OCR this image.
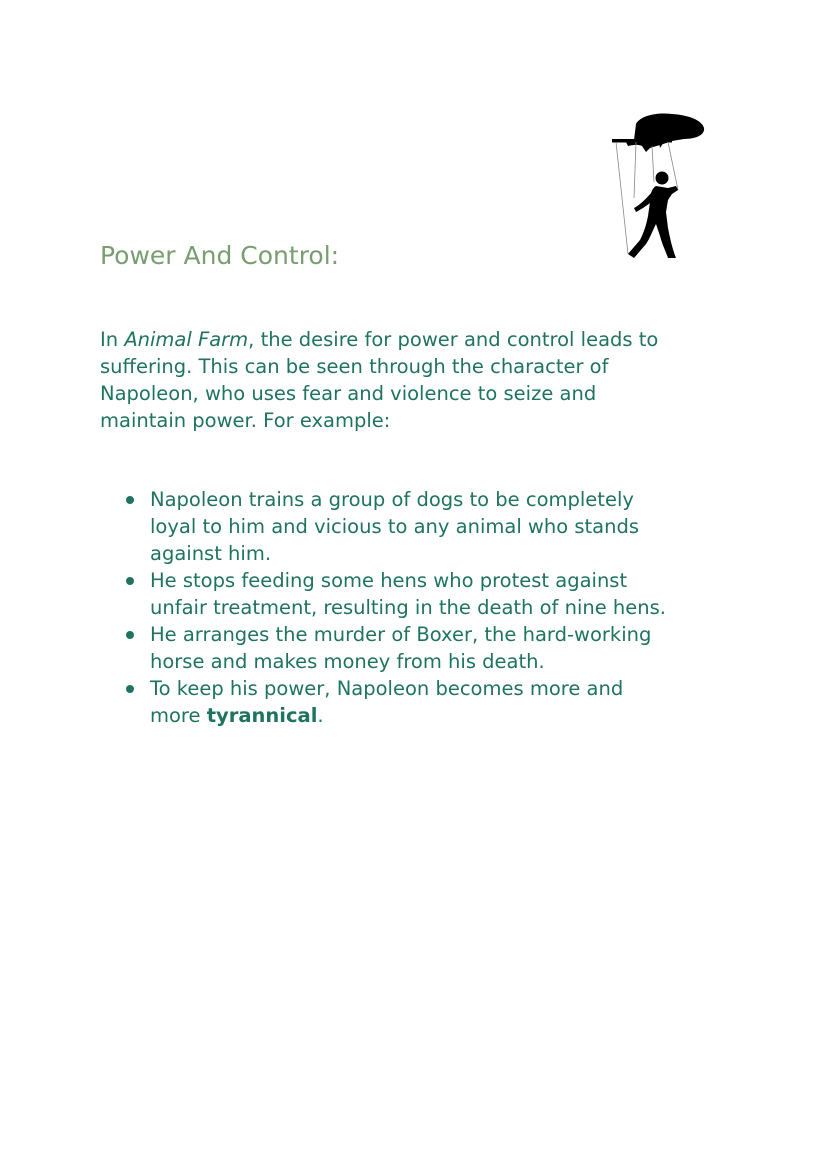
Power And Control:

In Animal Farm, the desire for power and control leads to
suffering. This can be seen through the character of
Napoleon, who uses fear and violence to seize and
maintain power. For example:

Napoleon trains a group of dogs to be completely
loyal to him and vicious to any animal who stands
against him.
He stops feeding some hens who protest against
unfair treatment, resulting in the death of nine hens.
He arranges the murder of Boxer, the hard-working
horse and makes money from his death.
To keep his power, Napoleon becomes more and
more tyrannical.
